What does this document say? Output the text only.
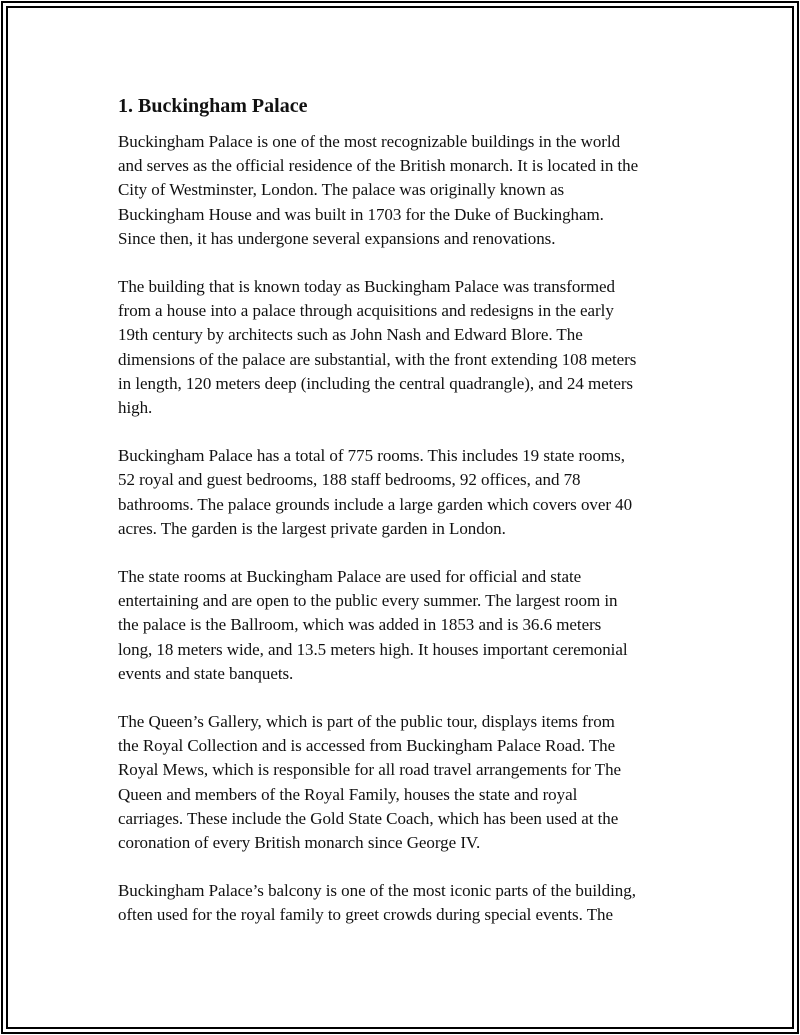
1. Buckingham Palace

Buckingham Palace is one of the most recognizable buildings in the world
and serves as the official residence of the British monarch. It is located in the
City of Westminster, London. The palace was originally known as
Buckingham House and was built in 1703 for the Duke of Buckingham.
Since then, it has undergone several expansions and renovations.

The building that is known today as Buckingham Palace was transformed
from a house into a palace through acquisitions and redesigns in the early
19th century by architects such as John Nash and Edward Blore. The
dimensions of the palace are substantial, with the front extending 108 meters
in length, 120 meters deep (including the central quadrangle), and 24 meters
high.

Buckingham Palace has a total of 775 rooms. This includes 19 state rooms,
52 royal and guest bedrooms, 188 staff bedrooms, 92 offices, and 78
bathrooms. The palace grounds include a large garden which covers over 40
acres. The garden is the largest private garden in London.

The state rooms at Buckingham Palace are used for official and state
entertaining and are open to the public every summer. The largest room in
the palace is the Ballroom, which was added in 1853 and is 36.6 meters
long, 18 meters wide, and 13.5 meters high. It houses important ceremonial
events and state banquets.

The Queen’s Gallery, which is part of the public tour, displays items from
the Royal Collection and is accessed from Buckingham Palace Road. The
Royal Mews, which is responsible for all road travel arrangements for The
Queen and members of the Royal Family, houses the state and royal
carriages. These include the Gold State Coach, which has been used at the
coronation of every British monarch since George IV.

Buckingham Palace’s balcony is one of the most iconic parts of the building,
often used for the royal family to greet crowds during special events. The
